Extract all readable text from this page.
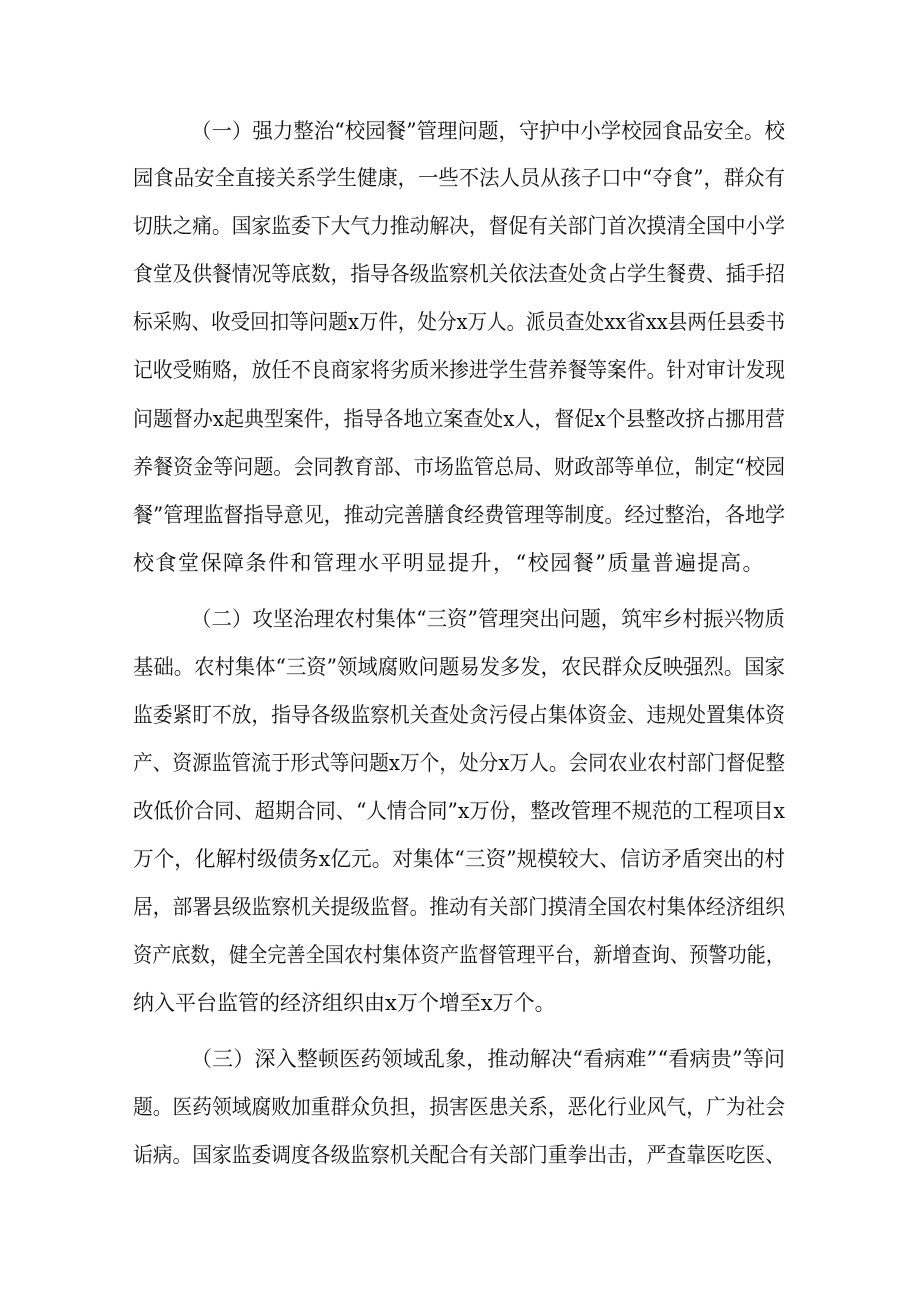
（一）强力整治“校园餐”管理问题，守护中小学校园食品安全。校
园食品安全直接关系学生健康，一些不法人员从孩子口中“夺食”，群众有
切肤之痛。国家监委下大气力推动解决，督促有关部门首次摸清全国中小学
食堂及供餐情况等底数，指导各级监察机关依法查处贪占学生餐费、插手招
标采购、收受回扣等问题x万件，处分x万人。派员查处xx省xx县两任县委书
记收受贿赂，放任不良商家将劣质米掺进学生营养餐等案件。针对审计发现
问题督办x起典型案件，指导各地立案查处x人，督促x个县整改挤占挪用营
养餐资金等问题。会同教育部、市场监管总局、财政部等单位，制定“校园
餐”管理监督指导意见，推动完善膳食经费管理等制度。经过整治，各地学
校食堂保障条件和管理水平明显提升，“校园餐”质量普遍提高。
（二）攻坚治理农村集体“三资”管理突出问题，筑牢乡村振兴物质
基础。农村集体“三资”领域腐败问题易发多发，农民群众反映强烈。国家
监委紧盯不放，指导各级监察机关查处贪污侵占集体资金、违规处置集体资
产、资源监管流于形式等问题x万个，处分x万人。会同农业农村部门督促整
改低价合同、超期合同、“人情合同”x万份，整改管理不规范的工程项目x
万个，化解村级债务x亿元。对集体“三资”规模较大、信访矛盾突出的村
居，部署县级监察机关提级监督。推动有关部门摸清全国农村集体经济组织
资产底数，健全完善全国农村集体资产监督管理平台，新增查询、预警功能，
纳入平台监管的经济组织由x万个增至x万个。
（三）深入整顿医药领域乱象，推动解决“看病难”“看病贵”等问
题。医药领域腐败加重群众负担，损害医患关系，恶化行业风气，广为社会
诟病。国家监委调度各级监察机关配合有关部门重拳出击，严查靠医吃医、
